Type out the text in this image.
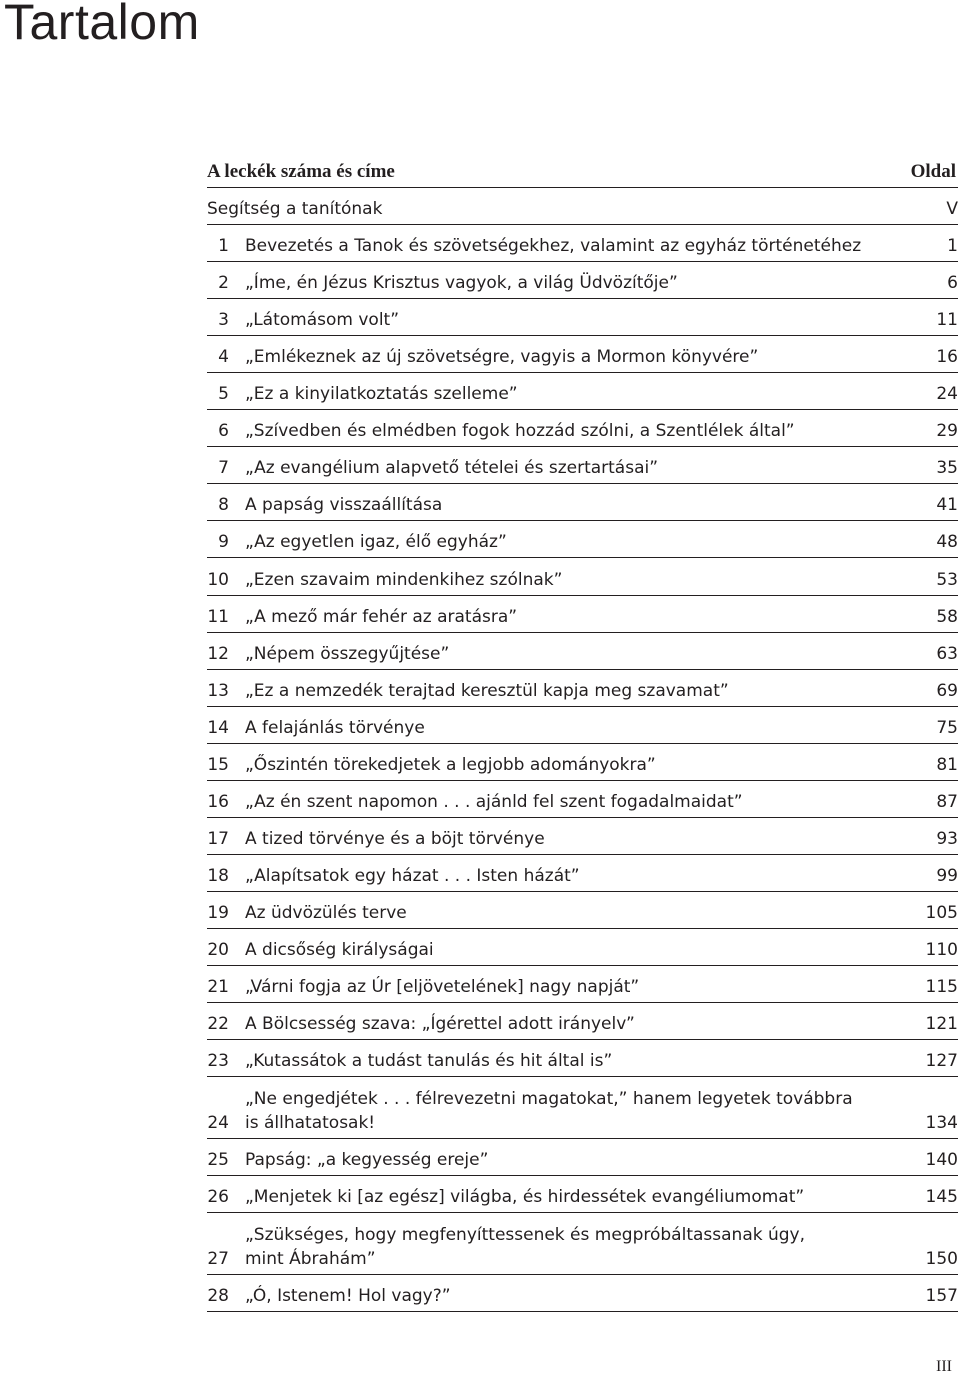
Tartalom
A leckék száma és címe	Oldal
Segítség a tanítónak	V
1 Bevezetés a Tanok és szövetségekhez, valamint az egyház történetéhez	1
2 „Íme, én Jézus Krisztus vagyok, a világ Üdvözítője”	6
3 „Látomásom volt”	11
4 „Emlékeznek az új szövetségre, vagyis a Mormon könyvére”	16
5 „Ez a kinyilatkoztatás szelleme”	24
6 „Szívedben és elmédben fogok hozzád szólni, a Szentlélek által”	29
7 „Az evangélium alapvető tételei és szertartásai”	35
8 A papság visszaállítása	41
9 „Az egyetlen igaz, élő egyház”	48
10 „Ezen szavaim mindenkihez szólnak”	53
11 „A mező már fehér az aratásra”	58
12 „Népem összegyűjtése”	63
13 „Ez a nemzedék terajtad keresztül kapja meg szavamat”	69
14 A felajánlás törvénye	75
15 „Őszintén törekedjetek a legjobb adományokra”	81
16 „Az én szent napomon . . . ajánld fel szent fogadalmaidat”	87
17 A tized törvénye és a böjt törvénye	93
18 „Alapítsatok egy házat . . . Isten házát”	99
19 Az üdvözülés terve	105
20 A dicsőség királyságai	110
21 „Várni fogja az Úr [eljövetelének] nagy napját”	115
22 A Bölcsesség szava: „Ígérettel adott irányelv”	121
23 „Kutassátok a tudást tanulás és hit által is”	127
24
„Ne engedjétek . . . félrevezetni magatokat,” hanem legyetek továbbra
is állhatatosak!	134
25 Papság: „a kegyesség ereje”	140
26 „Menjetek ki [az egész] világba, és hirdessétek evangéliumomat”	145
27
„Szükséges, hogy megfenyíttessenek és megpróbáltassanak úgy,
mint Ábrahám”	150
28 „Ó, Istenem! Hol vagy?”	157
III
